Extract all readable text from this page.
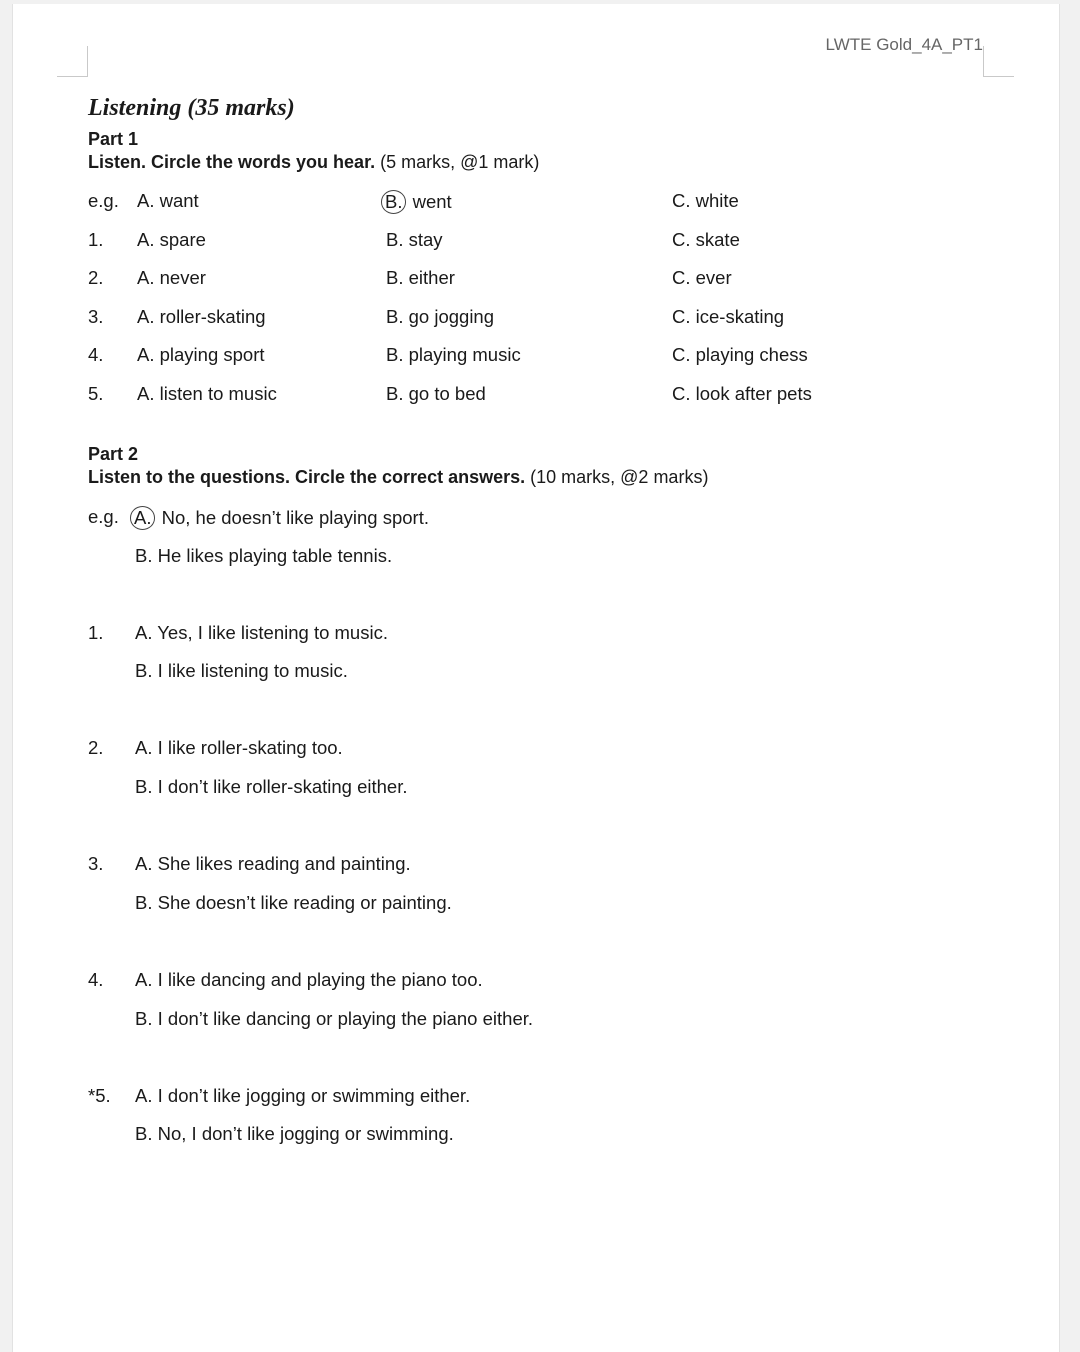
LWTE Gold_4A_PT1
Listening (35 marks)
Part 1
Listen. Circle the words you hear. (5 marks, @1 mark)
e.g. A. want	B. went	C. white
1. A. spare	B. stay	C. skate
2. A. never	B. either	C. ever
3. A. roller-skating	B. go jogging	C. ice-skating
4. A. playing sport	B. playing music	C. playing chess
5. A. listen to music	B. go to bed	C. look after pets
Part 2
Listen to the questions. Circle the correct answers. (10 marks, @2 marks)
e.g. A. No, he doesn’t like playing sport.
B. He likes playing table tennis.
1. A. Yes, I like listening to music.
B. I like listening to music.
2. A. I like roller-skating too.
B. I don’t like roller-skating either.
3. A. She likes reading and painting.
B. She doesn’t like reading or painting.
4. A. I like dancing and playing the piano too.
B. I don’t like dancing or playing the piano either.
*5. A. I don’t like jogging or swimming either.
B. No, I don’t like jogging or swimming.
